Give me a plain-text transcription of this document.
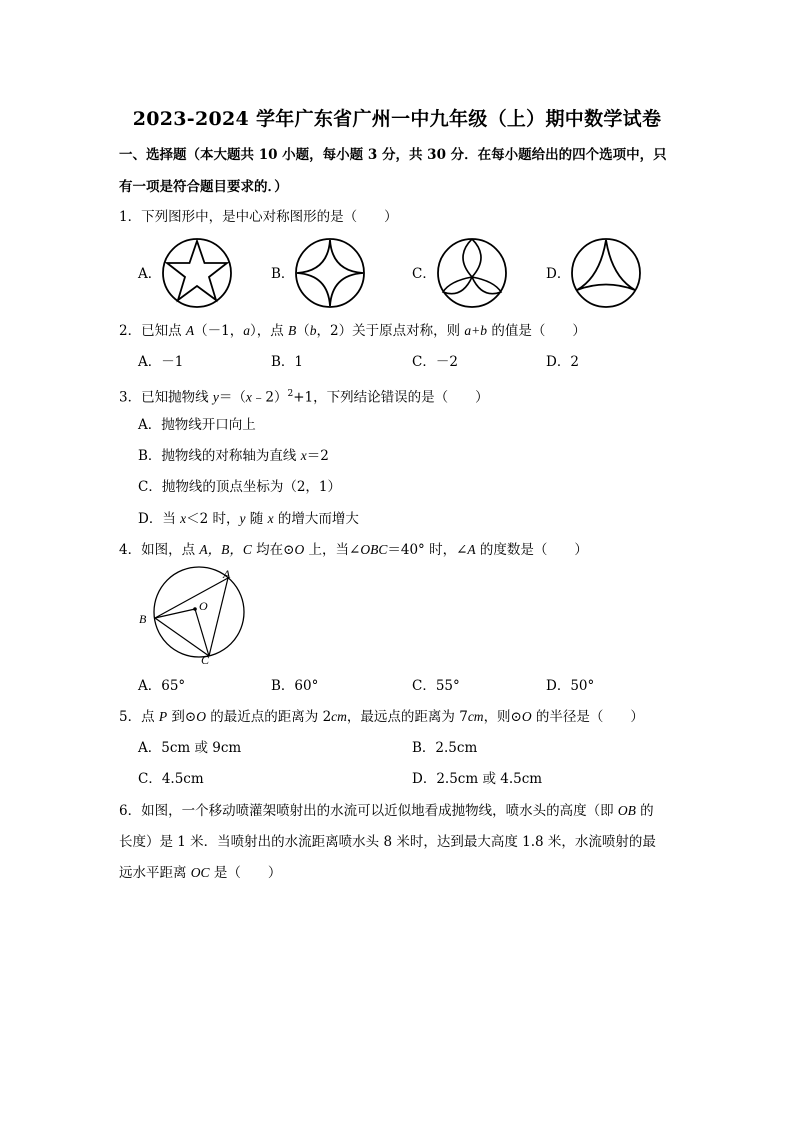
2023-2024 学年广东省广州一中九年级（上）期中数学试卷
一、选择题（本大题共 10 小题，每小题 3 分，共 30 分．在每小题给出的四个选项中，只
有一项是符合题目要求的．）
1．下列图形中，是中心对称图形的是（　　）
A．	B．	C．	D．
2．已知点 A（－1，a），点 B（b，2）关于原点对称，则 a+b 的值是（　　）
A．－1	B．1	C．－2	D．2
3．已知抛物线 y＝（x﹣2）$^2$+1，下列结论错误的是（　　）
A．抛物线开口向上
B．抛物线的对称轴为直线 x＝2
C．抛物线的顶点坐标为（2，1）
D．当 x＜2 时，y 随 x 的增大而增大
4．如图，点 A，B，C 均在⊙O 上，当∠OBC＝40° 时，∠A 的度数是（　　）
A
B
O
C
A．65°	B．60°	C．55°	D．50°
5．点 P 到⊙O 的最近点的距离为 2cm，最远点的距离为 7cm，则⊙O 的半径是（　　）
A．5cm 或 9cm	B．2.5cm
C．4.5cm	D．2.5cm 或 4.5cm
6．如图，一个移动喷灌架喷射出的水流可以近似地看成抛物线，喷水头的高度（即 OB 的
长度）是 1 米．当喷射出的水流距离喷水头 8 米时，达到最大高度 1.8 米，水流喷射的最
远水平距离 OC 是（　　）
